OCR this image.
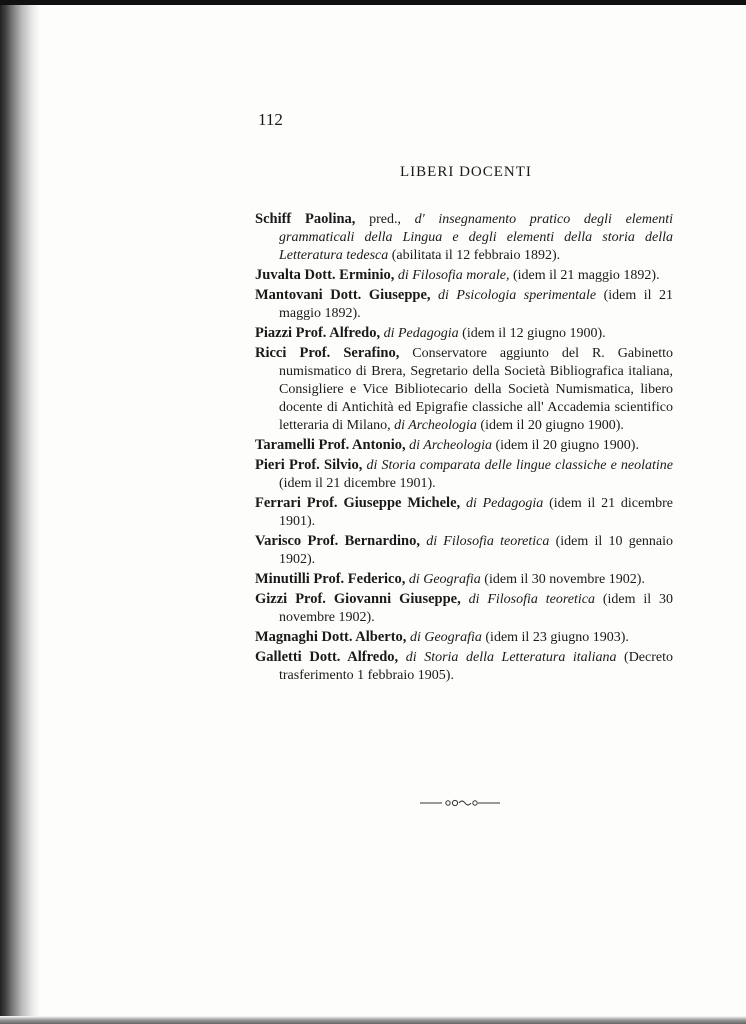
112
LIBERI DOCENTI
Schiff Paolina, pred., d' insegnamento pratico degli elementi grammaticali della Lingua e degli elementi della storia della Letteratura tedesca (abilitata il 12 febbraio 1892).
Juvalta Dott. Erminio, di Filosofia morale, (idem il 21 maggio 1892).
Mantovani Dott. Giuseppe, di Psicologia sperimentale (idem il 21 maggio 1892).
Piazzi Prof. Alfredo, di Pedagogia (idem il 12 giugno 1900).
Ricci Prof. Serafino, Conservatore aggiunto del R. Gabinetto numismatico di Brera, Segretario della Società Bibliografica italiana, Consigliere e Vice Bibliotecario della Società Numismatica, libero docente di Antichità ed Epigrafie classiche all' Accademia scientifico letteraria di Milano, di Archeologia (idem il 20 giugno 1900).
Taramelli Prof. Antonio, di Archeologia (idem il 20 giugno 1900).
Pieri Prof. Silvio, di Storia comparata delle lingue classiche e neolatine (idem il 21 dicembre 1901).
Ferrari Prof. Giuseppe Michele, di Pedagogia (idem il 21 dicembre 1901).
Varisco Prof. Bernardino, di Filosofia teoretica (idem il 10 gennaio 1902).
Minutilli Prof. Federico, di Geografia (idem il 30 novembre 1902).
Gizzi Prof. Giovanni Giuseppe, di Filosofia teoretica (idem il 30 novembre 1902).
Magnaghi Dott. Alberto, di Geografia (idem il 23 giugno 1903).
Galletti Dott. Alfredo, di Storia della Letteratura italiana (Decreto trasferimento 1 febbraio 1905).
